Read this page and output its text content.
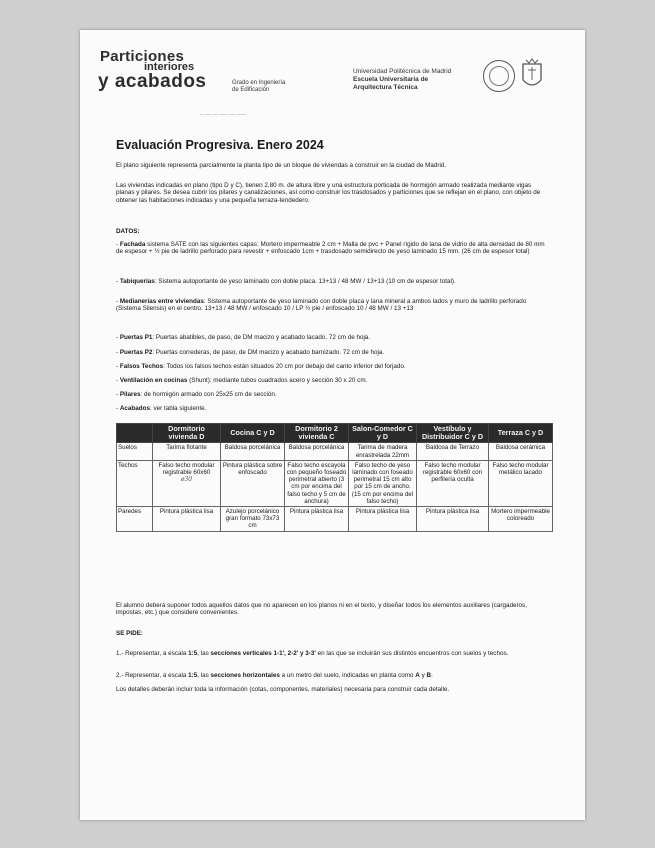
Particiones
interiores
y acabados	Grado en Ingeniería
de Edificación
Universidad Politécnica de Madrid
Escuela Universitaria de
Arquitectura Técnica
-- --- --- ---- ---- -----
Evaluación Progresiva. Enero 2024
El plano siguiente representa parcialmente la planta tipo de un bloque de viviendas a construir en la ciudad de Madrid.
Las viviendas indicadas en plano (tipo D y C), tienen 2,80 m. de altura libre y una estructura porticada de hormigón armado realizada mediante vigas planas y pilares. Se desea cubrir los pilares y canalizaciones, así como construir los trasdosados y particiones que se reflejan en el plano, con objeto de obtener las habitaciones indicadas y una pequeña terraza-tendedero.
DATOS:
- Fachada sistema SATE con las siguientes capas: Mortero impermeable 2 cm + Malla de pvc + Panel rígido de lana de vidrio de alta densidad de 80 mm de espesor + ½ pie de ladrillo perforado para revestir + enfoscado 1cm + trasdosado semidirecto de yeso laminado 15 mm. (26 cm de espesor total)
- Tabiquerías: Sistema autoportante de yeso laminado con doble placa. 13+13 / 48 MW / 13+13 (10 cm de espesor total).
- Medianerías entre viviendas: Sistema autoportante de yeso laminado con doble placa y lana mineral a ambos lados y muro de ladrillo perforado (Sistema Silensis) en el centro. 13+13 / 48 MW / enfoscado 10 / LP ½ pie / enfoscado 10 / 48 MW / 13 +13
- Puertas P1: Puertas abatibles, de paso, de DM macizo y acabado lacado. 72 cm de hoja.
- Puertas P2: Puertas correderas, de paso, de DM macizo y acabado barnizado. 72 cm de hoja.
- Falsos Techos: Todos los falsos techos están situados 20 cm por debajo del canto inferior del forjado.
- Ventilación en cocinas (Shunt): mediante tubos cuadrados acero y sección 30 x 20 cm.
- Pilares: de hormigón armado con 25x25 cm de sección.
- Acabados: ver tabla siguiente.
	Dormitorio vivienda D	Cocina C y D	Dormitorio 2 vivienda C	Salon-Comedor C y D	Vestíbulo y Distribuidor C y D	Terraza C y D
Suelos	Tarima flotante	Baldosa porcelánica	Baldosa porcelánica	Tarima de madera enrastrelada 22mm	Baldosa de Terrazo	Baldosa cerámica
Techos	Falso techo modular registrable 60x60
ø30	Pintura plástica sobre enfoscado	Falso techo escayola con pequeño foseado perimetral abierto (3 cm por encima del falso techo y 5 cm de anchura)	Falso techo de yeso laminado con foseado perimetral 15 cm alto por 15 cm de ancho. (15 cm por encima del falso techo)	Falso techo modular registrable 60x60 con perfilería oculta	Falso techo modular metálico lacado
Paredes	Pintura plástica lisa	Azulejo porcelánico gran formato 73x73 cm	Pintura plástica lisa	Pintura plástica lisa	Pintura plástica lisa	Mortero impermeable coloreado
El alumno deberá suponer todos aquellos datos que no aparecen en los planos ni en el texto, y diseñar todos los elementos auxiliares (cargaderos, impostas, etc.) que considere convenientes.
SE PIDE:
1.- Representar, a escala 1:5, las secciones verticales 1-1', 2-2' y 3-3' en las que se incluirán sus distintos encuentros con suelos y techos.
2.- Representar, a escala 1:5, las secciones horizontales a un metro del suelo, indicadas en planta como A y B.
Los detalles deberán incluir toda la información (cotas, componentes, materiales) necesaria para construir cada detalle.
